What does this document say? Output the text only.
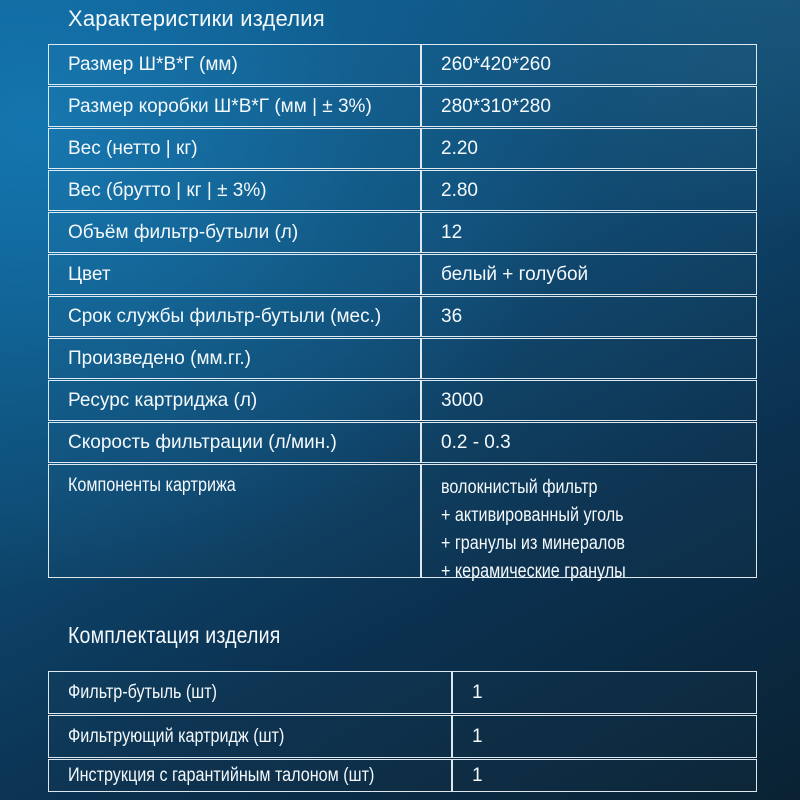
Характеристики изделия
Размер Ш*В*Г (мм)	260*420*260
Размер коробки Ш*В*Г (мм | ± 3%)	280*310*280
Вес (нетто | кг)	2.20
Вес (брутто | кг | ± 3%)	2.80
Объём фильтр-бутыли (л)	12
Цвет	белый + голубой
Срок службы фильтр-бутыли (мес.)	36
Произведено (мм.гг.)
Ресурс картриджа (л)	3000
Скорость фильтрации (л/мин.)	0.2 - 0.3
Компоненты картрижа	волокнистый фильтр
+ активированный уголь
+ гранулы из минералов
+ керамические гранулы
Комплектация изделия
Фильтр-бутыль (шт)	1
Фильтрующий картридж (шт)	1
Инструкция с гарантийным талоном (шт)	1
